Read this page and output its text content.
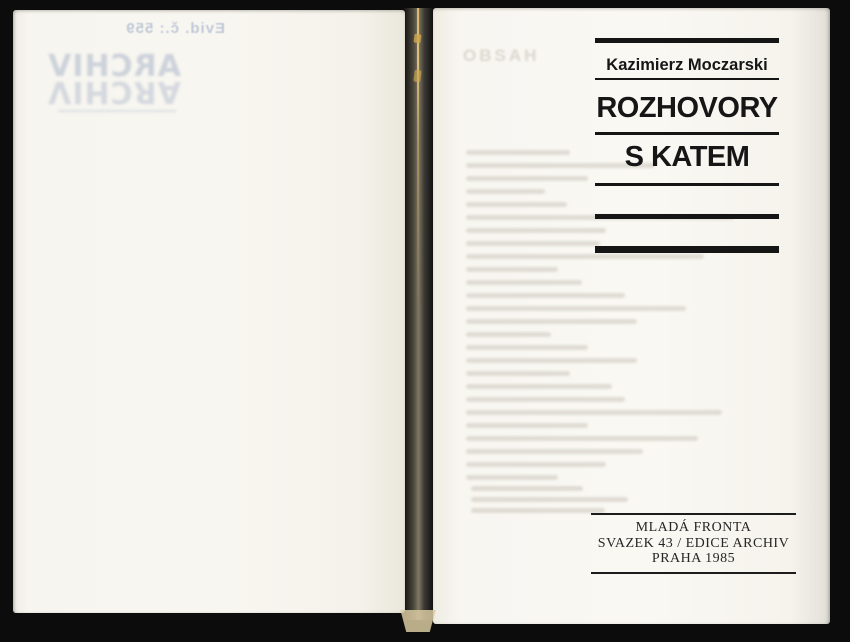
Evid. č.: 559
ARCHIV
ARCHIV
OBSAH	Kazimierz Moczarski
ROZHOVORY
S KATEM
MLADÁ FRONTA
SVAZEK 43 / EDICE ARCHIV
PRAHA 1985
